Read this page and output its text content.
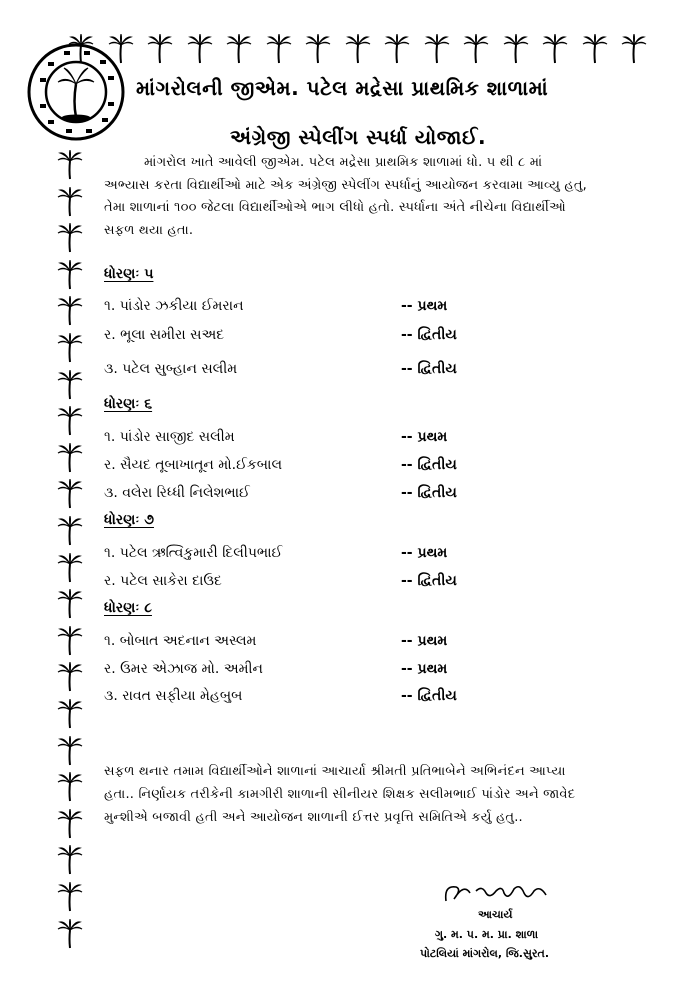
માંગરોલની જીએમ. પટેલ મદ્રેસા પ્રાથમિક શાળામાં
અંગ્રેજી સ્પેલીંગ સ્પર્ધા યોજાઈ.
માંગરોલ ખાતે આવેલી જીએમ. પટેલ મદ્રેસા પ્રાથમિક શાળામાં ધો. ૫ થી ૮ માં
અભ્યાસ કરતા વિદ્યાર્થીઓ માટે એક અંગ્રેજી સ્પેલીંગ સ્પર્ધાનું આયોજન કરવામા આવ્યુ હતુ,
તેમા શાળાનાં ૧૦૦ જેટલા વિદ્યાર્થીઓએ ભાગ લીધો હતો. સ્પર્ધાના અંતે નીચેના વિદ્યાર્થીઓ
સફળ થયા હતા.
ધોરણઃ ૫
૧. પાંડોર ઝકીયા ઈમરાન	-- પ્રથમ
ર. ભૂલા સમીરા સઅદ	-- દ્વિતીય
૩. પટેલ સુબ્હાન સલીમ	-- દ્વિતીય
ધોરણઃ ૬
૧. પાંડોર સાજીદ સલીમ	-- પ્રથમ
ર. સૈયદ તૂબાખાતૂન મો.ઈકબાલ	-- દ્વિતીય
૩. વલેરા રિધ્ધી નિલેશભાઈ	-- દ્વિતીય
ધોરણઃ ૭
૧. પટેલ ઋત્વિકુમારી દિલીપભાઈ	-- પ્રથમ
ર. પટેલ સાકેરા દાઉદ	-- દ્વિતીય
ધોરણઃ ૮
૧. બોબાત અદનાન અસ્લમ	-- પ્રથમ
ર. ઉમર એઝાજ મો. અમીન	-- પ્રથમ
૩. રાવત સફીયા મેહબુબ	-- દ્વિતીય
સફળ થનાર તમામ વિદ્યાર્થીઓને શાળાનાં આચાર્યા શ્રીમતી પ્રતિભાબેને અભિનંદન આપ્યા
હતા.. નિર્ણાયક તરીકેની કામગીરી શાળાની સીનીયર શિક્ષક સલીમભાઈ પાંડોર અને જાવેદ
મુન્શીએ બજાવી હતી અને આયોજન શાળાની ઈત્તર પ્રવૃત્તિ સમિતિએ કર્યુ હતુ..
આચાર્ય
ગુ. મ. પ. મ. પ્રા. શાળા
પોટલિયાં માંગરોલ, જિ.સુરત.
